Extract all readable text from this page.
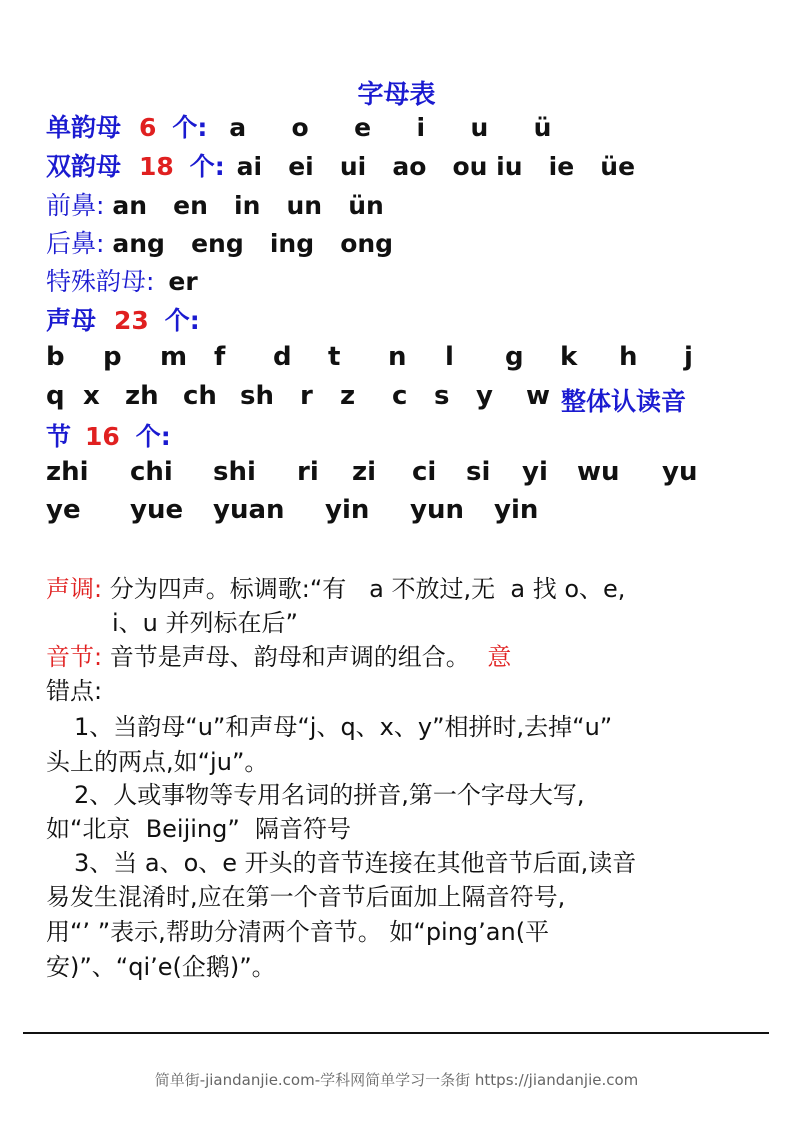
字母表
单韵母 6 个: a  o  e  i  u  ü
双韵母 18 个: ai   ei   ui   ao   ou iu   ie   üe
前鼻: an   en   in   un   ün
后鼻: ang   eng   ing   ong
特殊韵母: er
声母 23 个:
b p m f d t n l g k h j
q x zh ch sh r z c s y w 整体认读音
节 16 个:
zhi chi shi ri zi ci si yi wu yu
ye yue yuan yin yun yin
声调: 分为四声。标调歌:“有   a 不放过,无  a 找 o、e,
i、u 并列标在后”
音节: 音节是声母、韵母和声调的组合。 意
错点:
1、当韵母“u”和声母“j、q、x、y”相拼时,去掉“u”
头上的两点,如“ju”。
2、人或事物等专用名词的拼音,第一个字母大写,
如“北京  Beijing”  隔音符号
3、当 a、o、e 开头的音节连接在其他音节后面,读音
易发生混淆时,应在第一个音节后面加上隔音符号,
用“’ ”表示,帮助分清两个音节。 如“ping’an(平
安)”、“qi’e(企鹅)”。
简单街-jiandanjie.com-学科网简单学习一条街 https://jiandanjie.com
